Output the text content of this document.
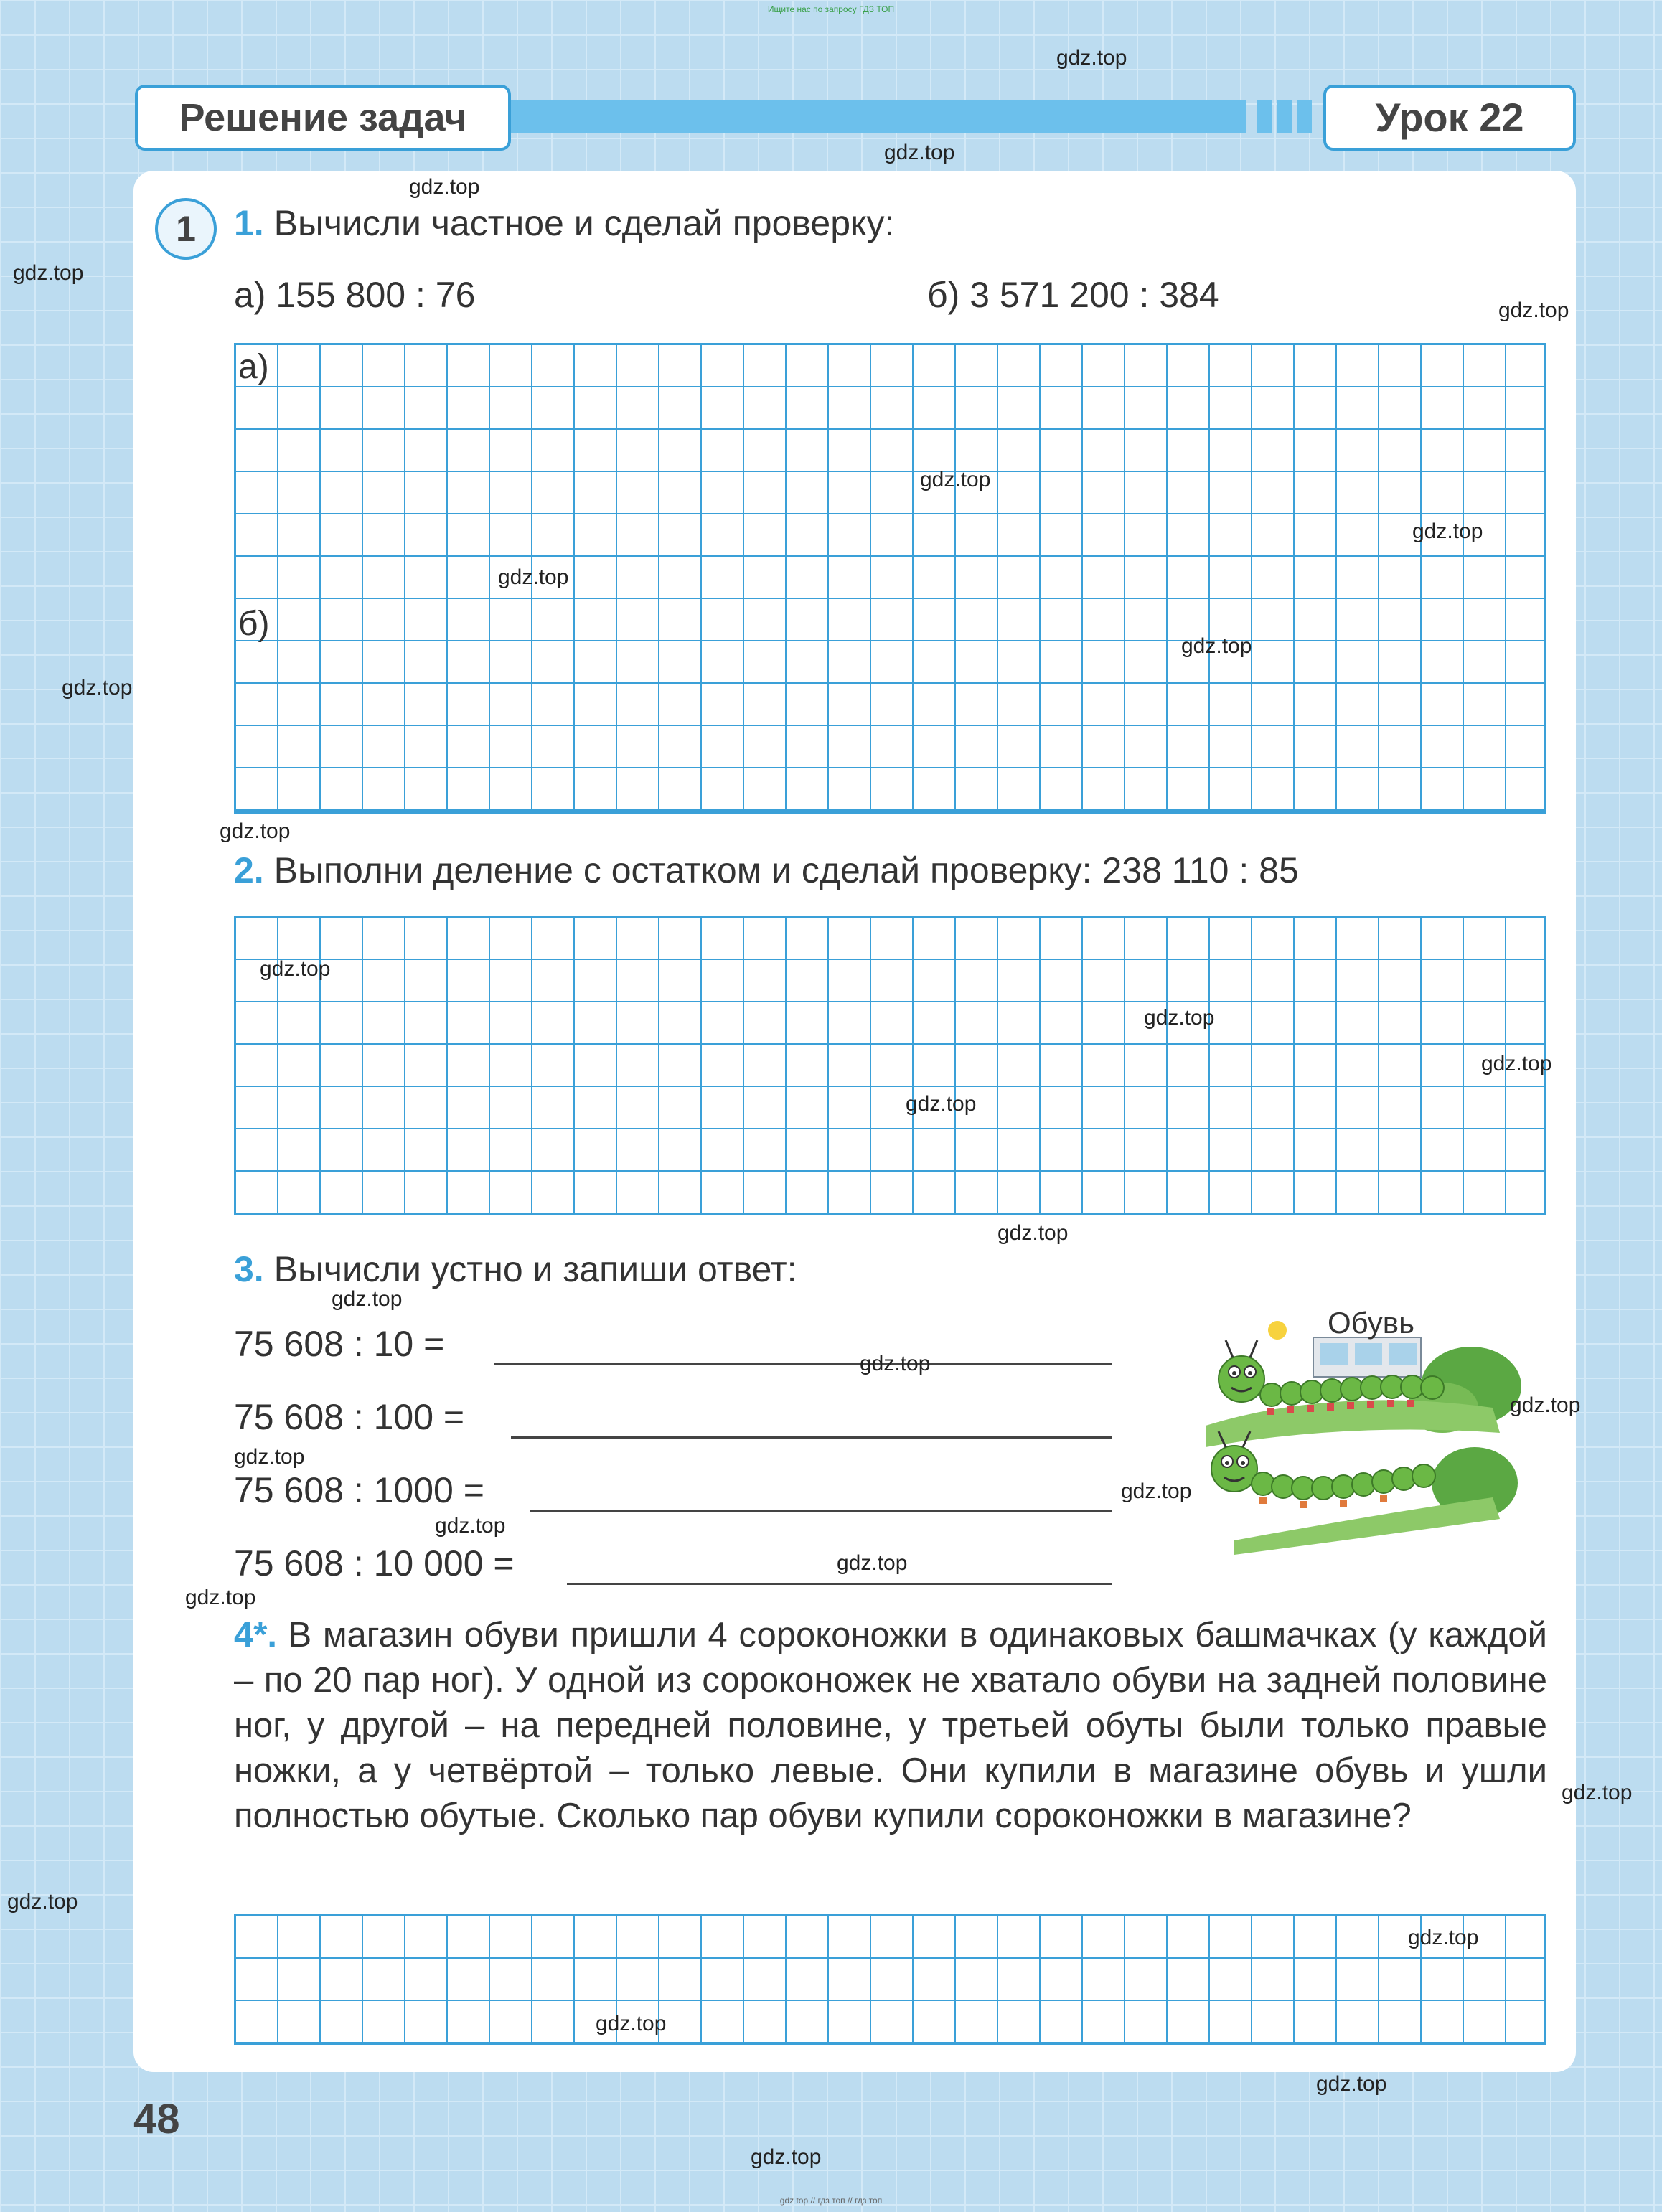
Ищите нас по запросу ГДЗ ТОП
gdz top // гдз топ // гдз топ
Решение задач	Урок 22
1	1. Вычисли частное и сделай проверку:
а) 155 800 : 76	б) 3 571 200 : 384
а)
б)
2. Выполни деление с остатком и сделай проверку: 238 110 : 85
3. Вычисли устно и запиши ответ:
75 608 : 10 =
75 608 : 100 =
75 608 : 1000 =
75 608 : 10 000 =
Обувь
4*. В магазин обуви пришли 4 сороконожки в одинаковых башмачках (у каждой – по 20 пар ног). У одной из сороконожек не хватало обуви на задней половине ног, у другой – на передней половине, у третьей обуты были только правые ножки, а у четвёртой – только левые. Они купили в магазине обувь и ушли полностью обутые. Сколько пар обуви купили сороконожки в магазине?
48
gdz.top
gdz.top
gdz.top
gdz.top
gdz.top
gdz.top
gdz.top
gdz.top
gdz.top
gdz.top
gdz.top
gdz.top
gdz.top
gdz.top
gdz.top
gdz.top
gdz.top
gdz.top
gdz.top
gdz.top
gdz.top
gdz.top
gdz.top
gdz.top
gdz.top
gdz.top
gdz.top
gdz.top
gdz.top
gdz.top
